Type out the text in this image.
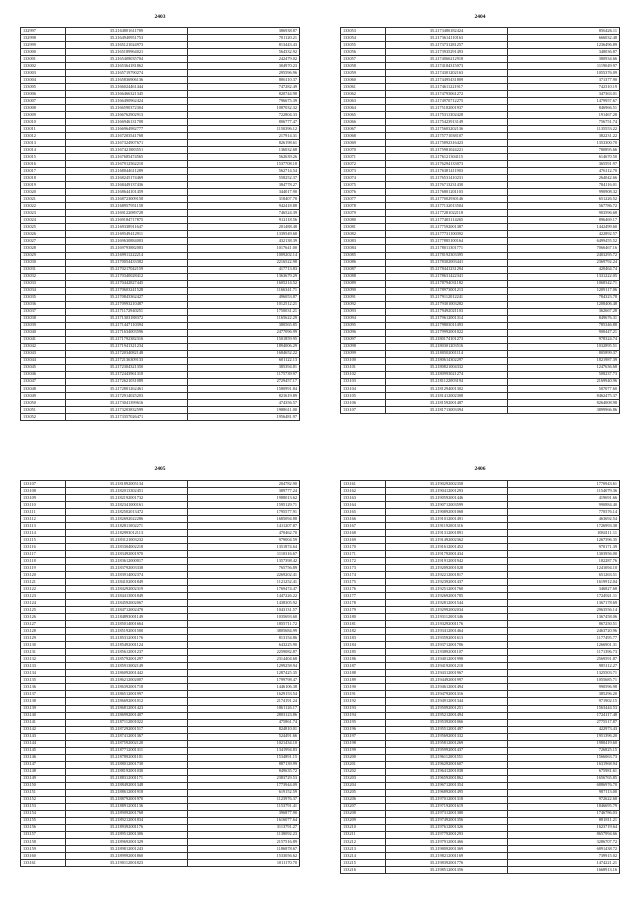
2403
132997	35.2164801611789	386938.87
132998	35.2164940951753	701120.21
132999	35.2165121024973	813443.43
133000	35.2165189964021	564332.92
133001	35.2165408035704	242479.02
133002	35.2165364181862	304970.23
133003	35.2165719790274	295596.96
133004	35.2165836906136	806110.37
133005	35.2166024461444	747282.49
133006	35.2166466321345	820744.98
133007	35.2166490962424	796675.39
133008	35.2166590372304	1087032.32
133009	35.2166762902913	722804.33
133010	35.2166946131708	806777.47
133011	35.2166964982777	1150396.12
133012	35.2167203541768	217914.31
133013	35.2167324907671	826198.61
133014	35.2167421883551	136032.68
133015	35.2167685474565	562639.26
133016	35.2167912562210	1537708.18
133017	35.2168044611289	562714.54
133018	35.2168245174469	558252.37
133019	35.2168449137436	384778.27
133020	35.2168644101459	344017.90
133021	35.2168723009158	318407.78
133022	35.2168957951158	942418.88
133023	35.2169122089728	746524.39
133024	35.2169184717875	912118.56
133025	35.2169338911647	201488.48
133026	35.2169549412911	1339549.68
133027	35.2169630884003	432138.39
133028	35.2169793882083	1017641.00
133029	35.2169911222214	1009202.14
133030	35.2170054433382	2216522.98
133031	35.2170217042159	417713.83
133032	35.2170340028412	1363679.29
133033	35.2170442827445	1605214.52
133034	35.2170603241528	1166341.71
133035	35.2170843362427	496053.87
133036	35.2170993210487	1012512.21
133037	35.2171172940251	1750031.21
133038	35.2171303188372	1165622.29
133039	35.2171447110394	380565.85
133040	35.2171634003596	2477096.99
133041	35.2171792382316	1501859.95
133042	35.2171941321234	1894006.29
133043	35.2172034082148	1684652.22
133044	35.2172136309133	601122.13
133045	35.2172304321350	385394.81
133046	35.2172443961310	1175739.97
133047	35.2172621031089	2729457.17
133048	35.2172801262461	1580991.84
133049	35.2172914025203	821619.89
133050	35.2173041399616	474356.57
133051	35.2173203832599	1988611.00
133052	35.2173357026471	1956481.97
2404
133053	35.2173486182424	856426.11
133054	35.2173614110163	666032.48
133055	35.2173731281257	1236496.89
133056	35.2173935291493	348036.87
133057	35.2174066212918	380934.66
133058	35.2174184315073	1119049.97
133059	35.2174301202163	1055376.09
133060	35.2174495431809	371377.90
133061	35.2174611221917	742310.19
133062	35.2174793061272	347363.01
133063	35.2174970712275	1479957.67
133064	35.2175182001937	846966.51
133065	35.2175311302428	191467.28
133066	35.2175423913149	756751.74
133067	35.2175603202136	1135553.22
133068	35.2175771038107	382231.22
133069	35.2175892316423	1353300.70
133070	35.2175981024221	780895.66
133071	35.2176121304115	614670.50
133072	35.2176294133073	365591.97
133073	35.2176381411903	476112.70
133074	35.2176531410231	264042.66
133075	35.2176713231430	784116.01
133076	35.2176801201103	990908.32
133077	35.2177002930146	651226.52
133078	35.2177132013504	567786.72
133079	35.2177281022118	903596.68
133080	35.2177403114265	896469.17
133081	35.2177592001387	1442499.60
133082	35.2177731100392	422892.57
133083	35.2177885100164	6499455.52
133084	35.2178011301771	7066467.16
133085	35.2178192303395	2403295.72
133086	35.2178302003441	2369792.24
133087	35.2178441231294	420464.74
133088	35.2178631422341	1331222.05
133089	35.2178794031182	1068342.71
133090	35.2178973001213	1209117.06
133091	35.2179112012241	784323.78
133092	35.2179301003282	1208406.48
133093	35.2179492021103	362667.28
133094	35.2179612001314	849676.31
133095	35.2179803011493	785346.88
133096	35.2179992001022	908447.21
133097	35.2180174101273	978324.74
133098	35.2180301203516	1032895.51
133099	35.2180502001114	805899.37
133100	35.2180614302297	1821987.39
133101	35.2180821004332	1247636.68
133102	35.2180993021274	508237.73
133103	35.2181122003194	2169940.96
133104	35.2181294001302	507077.60
133105	35.2181412002308	8462475.37
133106	35.2181592001487	8264008.98
133107	35.2181713003394	3899966.86
2405
133107	35.2181892005134	204782.90
133108	35.2182013302451	389777.24
133109	35.2182192001732	1988013.62
133110	35.2182341000161	1595129.71
133111	35.2182502013472	1795577.91
133112	35.2182692022286	1685094.88
133113	35.2182811002271	1411207.87
133114	35.2182993012113	470462.70
133115	35.2183121003232	979004.59
133116	35.2183304002218	1351874.64
133117	35.2183492001970	1110316.67
133118	35.2183612000017	1357398.42
133119	35.2183792003338	765756.89
133120	35.2183914002374	2269202.41
133121	35.2184102001849	1121252.41
133122	35.2184292002319	1769474.47
133123	35.2184413001849	1447226.22
133124	35.2184592002067	1438305.92
133125	35.2184712002470	1043131.57
133126	35.2184893001149	1035693.60
133127	35.2185014001664	1855711.72
133128	35.2185192001500	3805684.99
133129	35.2185312001176	813154.86
133130	35.2185492001124	643225.90
133131	35.2185612001237	2259082.87
133132	35.2185792001297	2314404.68
133133	35.2185913002149	1299258.94
133134	35.2186092001442	1287425.35
133135	35.2186212002007	1799798.47
133136	35.2186392001718	1446106.38
133137	35.2186512001997	1629153.54
133138	35.2186692001012	2174191.24
133139	35.2186812001423	1861126.17
133140	35.2186992001407	2803123.86
133141	35.2187112001022	475861.74
133142	35.2187292001517	824810.01
133143	35.2187412001367	524491.66
133144	35.2187592002120	1021434.10
133145	35.2187712001311	1341994.83
133146	35.2187892001101	1534891.15
133147	35.2188012001730	887139.99
133148	35.2188192001030	849635.72
133149	35.2188312001171	2383729.53
133150	35.2188492001348	1773944.09
133151	35.2188612001918	619152.59
133152	35.2188792001970	1123976.37
133153	35.2188912001136	1153791.41
133154	35.2189092001768	396877.90
133155	35.2189212001834	1616077.64
133156	35.2189392001176	3113791.27
133157	35.2189512001306	1138092.23
133158	35.2189692001329	2157516.89
133159	35.2189812001243	1186878.67
133160	35.2189992001860	1533056.62
133161	35.2190112001823	1011170.70
2406
133161	35.2190292002358	1770943.61
133162	35.2190412001293	1154079.36
133163	35.2190592001446	419691.66
133164	35.2190712003599	990884.40
133165	35.2190892001068	770576.14
133166	35.2191012001491	463692.54
133167	35.2191192001316	1726993.38
133168	35.2191312001891	1084111.11
133169	35.2191492002362	1267396.35
133170	35.2191612001452	970171.39
133171	35.2191792001434	1303956.00
133172	35.2191912001942	182287.76
133173	35.2192092001028	1241694.10
133174	35.2192212001817	651263.51
133175	35.2192392001437	1619912.04
133176	35.2192512001760	346827.68
133177	35.2192692001785	1724921.11
133178	35.2192812001544	1367178.69
133179	35.2192992002034	2963556.14
133180	35.2193112001346	1367458.06
133181	35.2193292001176	867250.51
133182	35.2193412001464	2463720.96
133183	35.2193592001613	1177495.77
133184	35.2193712001706	1266901.31
133185	35.2193892001107	1171396.73
133186	35.2194012001998	2569591.87
133187	35.2194192001210	985112.27
133188	35.2194312001967	1325503.71
133189	35.2194492001997	1055685.71
133190	35.2194612001494	990596.98
133191	35.2194792001316	385296.20
133192	35.2194912001344	971902.15
133193	35.2195092001251	1563444.53
133194	35.2195212001494	1724117.48
133195	35.2195392001066	2775517.87
133196	35.2195512001497	422973.43
133197	35.2195692001332	1951396.20
133198	35.2195812001269	1980419.60
133199	35.2195992001437	726825.15
133200	35.2196112001551	1566063.73
133201	35.2196292001607	1631968.94
133202	35.2196412001038	675981.61
133203	35.2196592001862	1656765.85
133204	35.2196712001354	6886976.70
133205	35.2196892001495	987113.00
133206	35.2197012001318	972622.68
133207	35.2197192001619	1846695.79
133208	35.2197312001380	1746786.03
133209	35.2197492001356	881811.21
133210	35.2197612001326	1623719.64
133211	35.2197792001293	8657994.66
133212	35.2197912001466	3286707.72
133213	35.2198092001369	6891438.72
133214	35.2198212001169	739915.02
133215	35.2198392001776	1474221.21
133216	35.2198512001356	1668913.16
